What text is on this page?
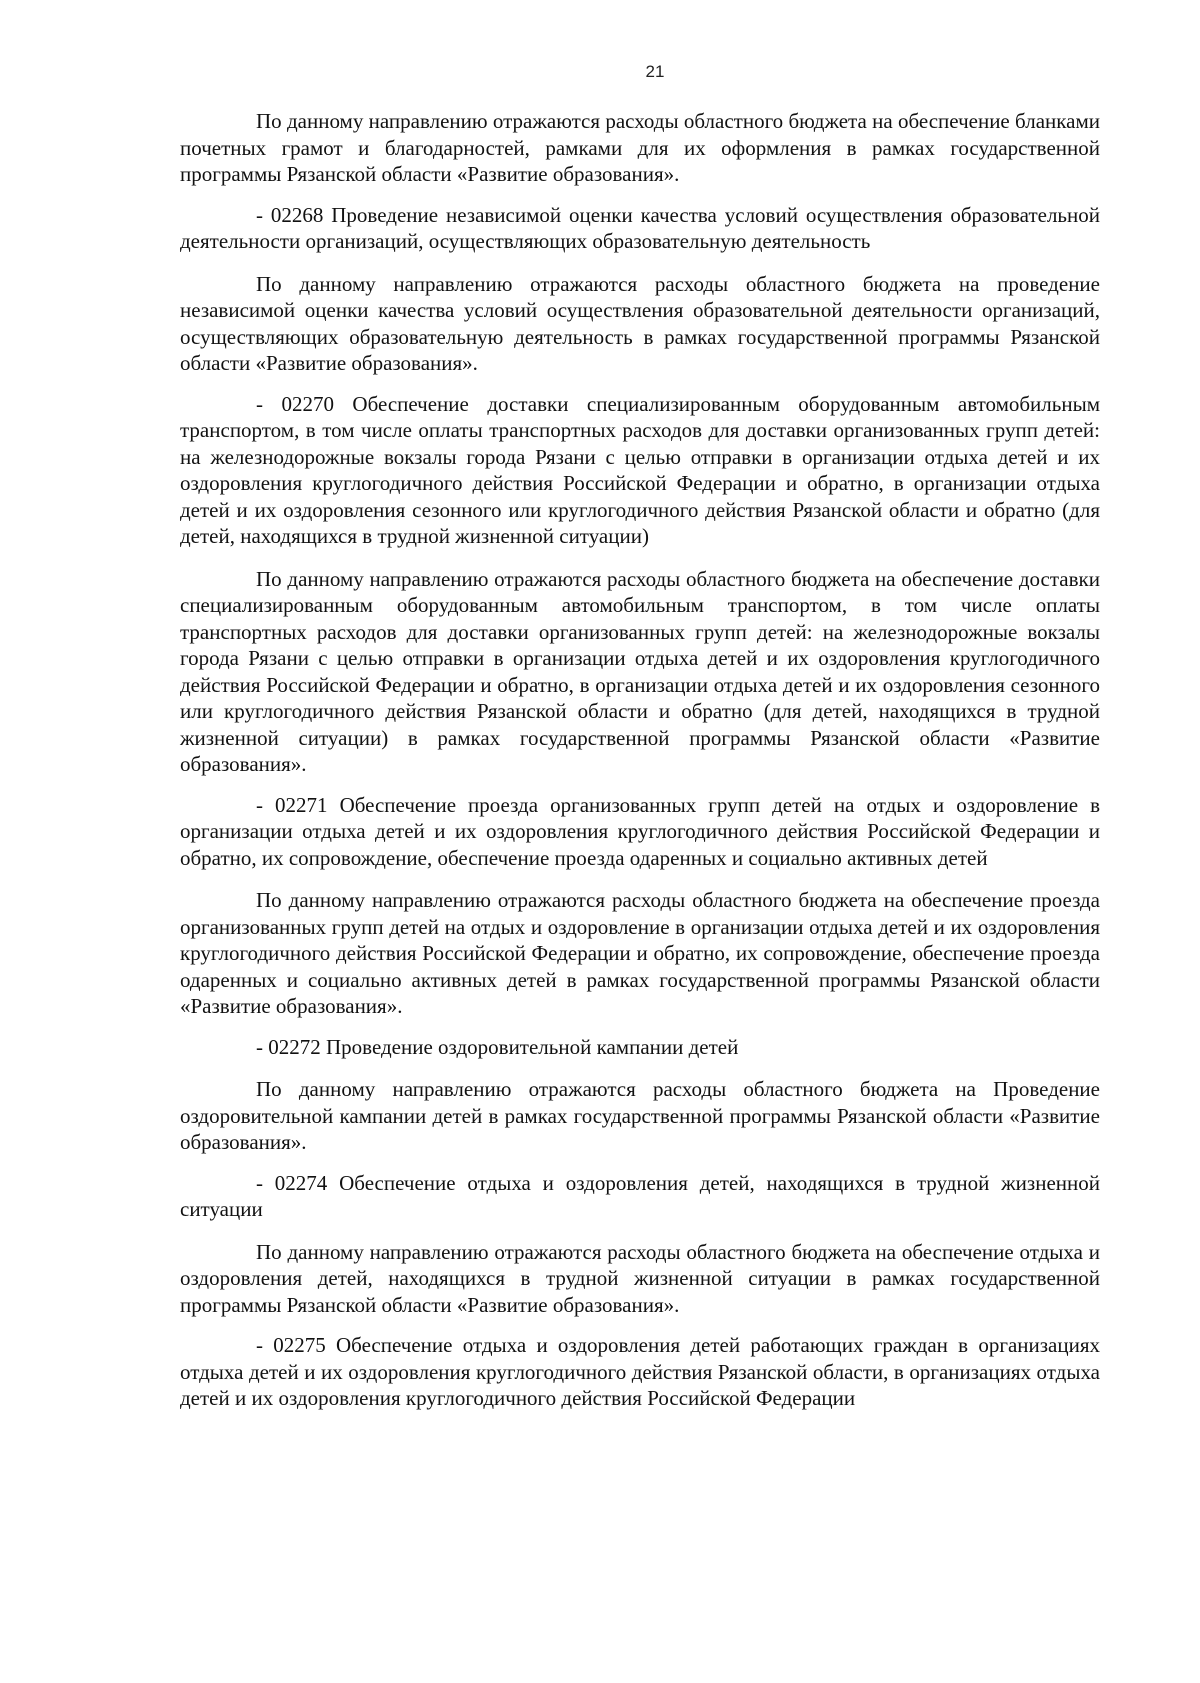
21

По данному направлению отражаются расходы областного бюджета на обеспечение бланками почетных грамот и благодарностей, рамками для их оформления в рамках государственной программы Рязанской области «Развитие образования».

- 02268 Проведение независимой оценки качества условий осуществления образовательной деятельности организаций, осуществляющих образовательную деятельность

По данному направлению отражаются расходы областного бюджета на проведение независимой оценки качества условий осуществления образовательной деятельности организаций, осуществляющих образовательную деятельность в рамках государственной программы Рязанской области «Развитие образования».

- 02270 Обеспечение доставки специализированным оборудованным автомобильным транспортом, в том числе оплаты транспортных расходов для доставки организованных групп детей: на железнодорожные вокзалы города Рязани с целью отправки в организации отдыха детей и их оздоровления круглогодичного действия Российской Федерации и обратно, в организации отдыха детей и их оздоровления сезонного или круглогодичного действия Рязанской области и обратно (для детей, находящихся в трудной жизненной ситуации)

По данному направлению отражаются расходы областного бюджета на обеспечение доставки специализированным оборудованным автомобильным транспортом, в том числе оплаты транспортных расходов для доставки организованных групп детей: на железнодорожные вокзалы города Рязани с целью отправки в организации отдыха детей и их оздоровления круглогодичного действия Российской Федерации и обратно, в организации отдыха детей и их оздоровления сезонного или круглогодичного действия Рязанской области и обратно (для детей, находящихся в трудной жизненной ситуации) в рамках государственной программы Рязанской области «Развитие образования».

- 02271 Обеспечение проезда организованных групп детей на отдых и оздоровление в организации отдыха детей и их оздоровления круглогодичного действия Российской Федерации и обратно, их сопровождение, обеспечение проезда одаренных и социально активных детей

По данному направлению отражаются расходы областного бюджета на обеспечение проезда организованных групп детей на отдых и оздоровление в организации отдыха детей и их оздоровления круглогодичного действия Российской Федерации и обратно, их сопровождение, обеспечение проезда одаренных и социально активных детей в рамках государственной программы Рязанской области «Развитие образования».

- 02272 Проведение оздоровительной кампании детей

По данному направлению отражаются расходы областного бюджета на Проведение оздоровительной кампании детей в рамках государственной программы Рязанской области «Развитие образования».

- 02274 Обеспечение отдыха и оздоровления детей, находящихся в трудной жизненной ситуации

По данному направлению отражаются расходы областного бюджета на обеспечение отдыха и оздоровления детей, находящихся в трудной жизненной ситуации в рамках государственной программы Рязанской области «Развитие образования».

- 02275 Обеспечение отдыха и оздоровления детей работающих граждан в организациях отдыха детей и их оздоровления круглогодичного действия Рязанской области, в организациях отдыха детей и их оздоровления круглогодичного действия Российской Федерации
